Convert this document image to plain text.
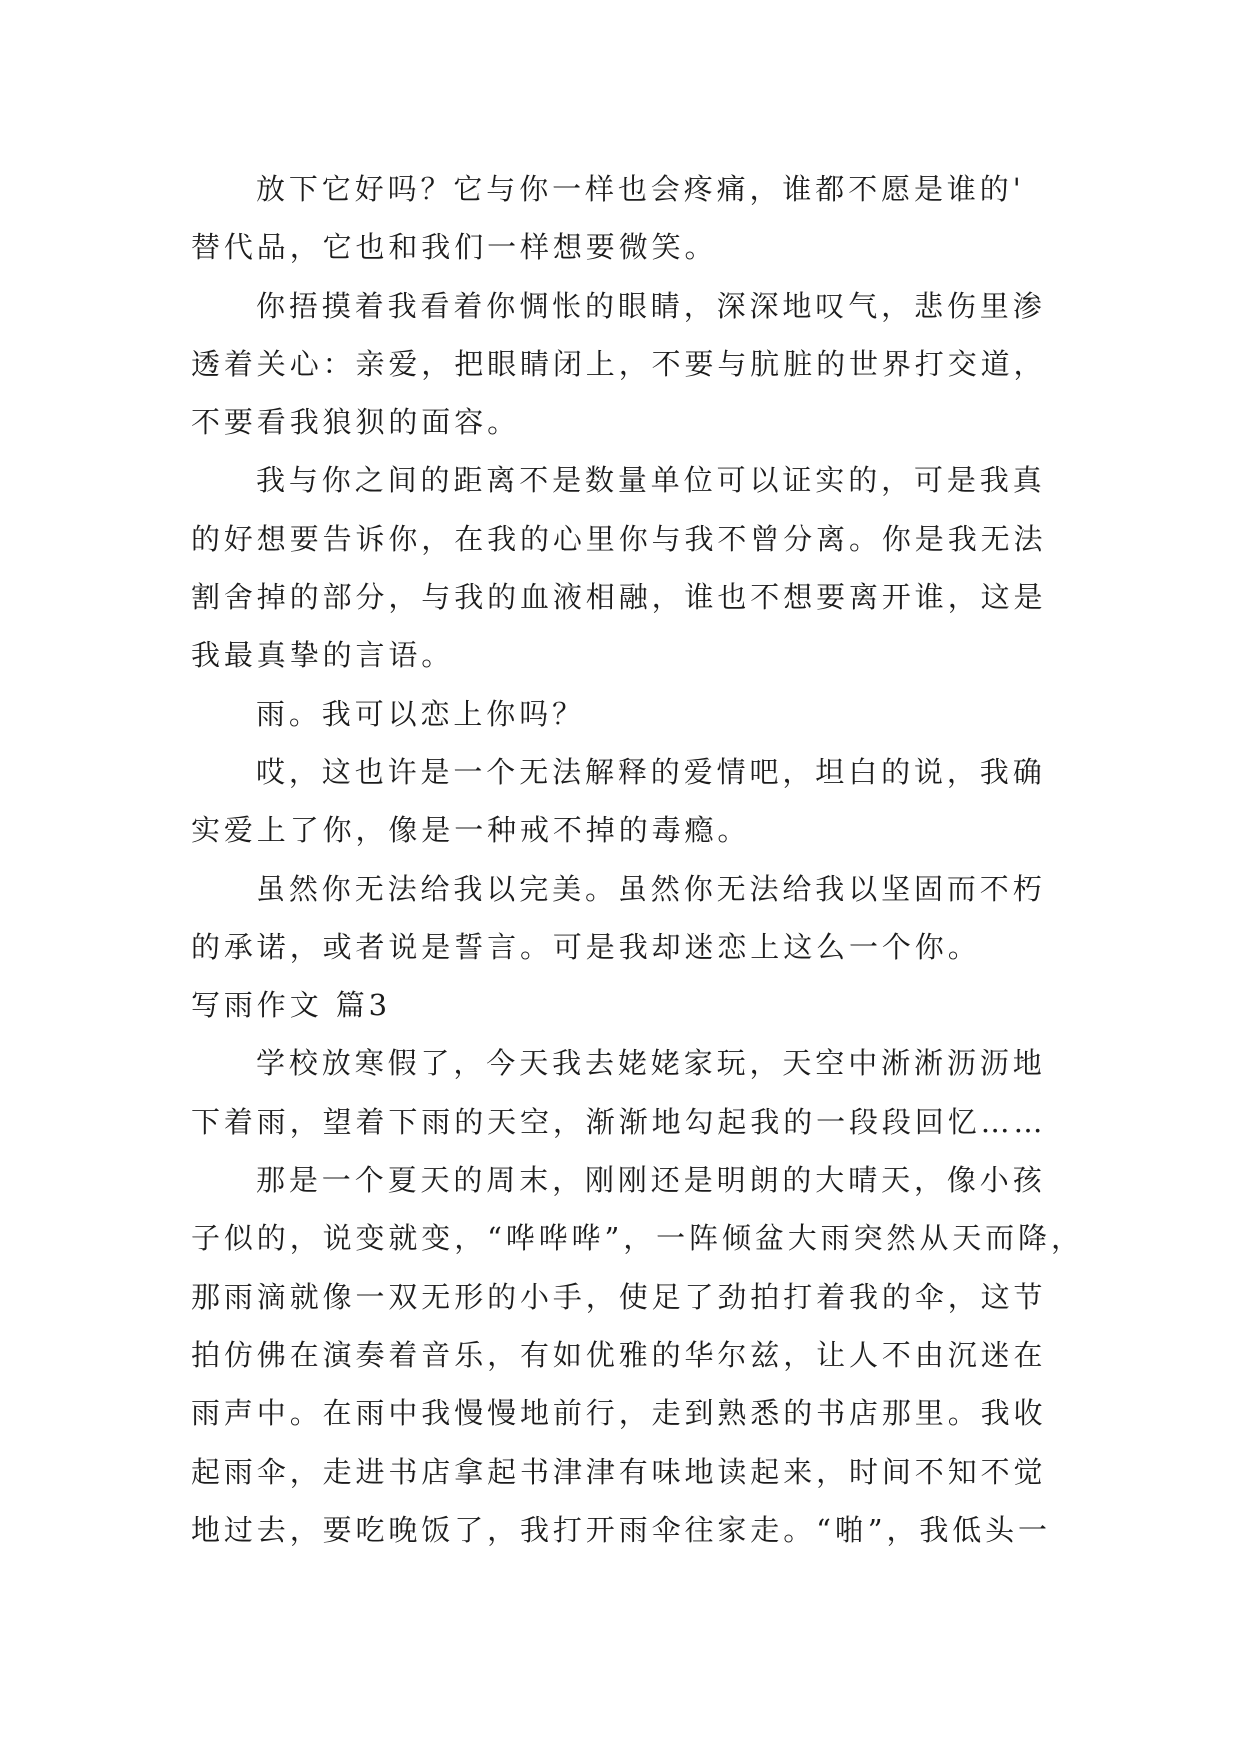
放下它好吗？它与你一样也会疼痛，谁都不愿是谁的'
替代品，它也和我们一样想要微笑。
你捂摸着我看着你惆怅的眼睛，深深地叹气，悲伤里渗
透着关心：亲爱，把眼睛闭上，不要与肮脏的世界打交道，
不要看我狼狈的面容。
我与你之间的距离不是数量单位可以证实的，可是我真
的好想要告诉你，在我的心里你与我不曾分离。你是我无法
割舍掉的部分，与我的血液相融，谁也不想要离开谁，这是
我最真挚的言语。
雨。我可以恋上你吗？
哎，这也许是一个无法解释的爱情吧，坦白的说，我确
实爱上了你，像是一种戒不掉的毒瘾。
虽然你无法给我以完美。虽然你无法给我以坚固而不朽
的承诺，或者说是誓言。可是我却迷恋上这么一个你。
写雨作文 篇3
学校放寒假了，今天我去姥姥家玩，天空中淅淅沥沥地
下着雨，望着下雨的天空，渐渐地勾起我的一段段回忆……
那是一个夏天的周末，刚刚还是明朗的大晴天，像小孩
子似的，说变就变，“哗哗哗”，一阵倾盆大雨突然从天而降，
那雨滴就像一双无形的小手，使足了劲拍打着我的伞，这节
拍仿佛在演奏着音乐，有如优雅的华尔兹，让人不由沉迷在
雨声中。在雨中我慢慢地前行，走到熟悉的书店那里。我收
起雨伞，走进书店拿起书津津有味地读起来，时间不知不觉
地过去，要吃晚饭了，我打开雨伞往家走。“啪”，我低头一
